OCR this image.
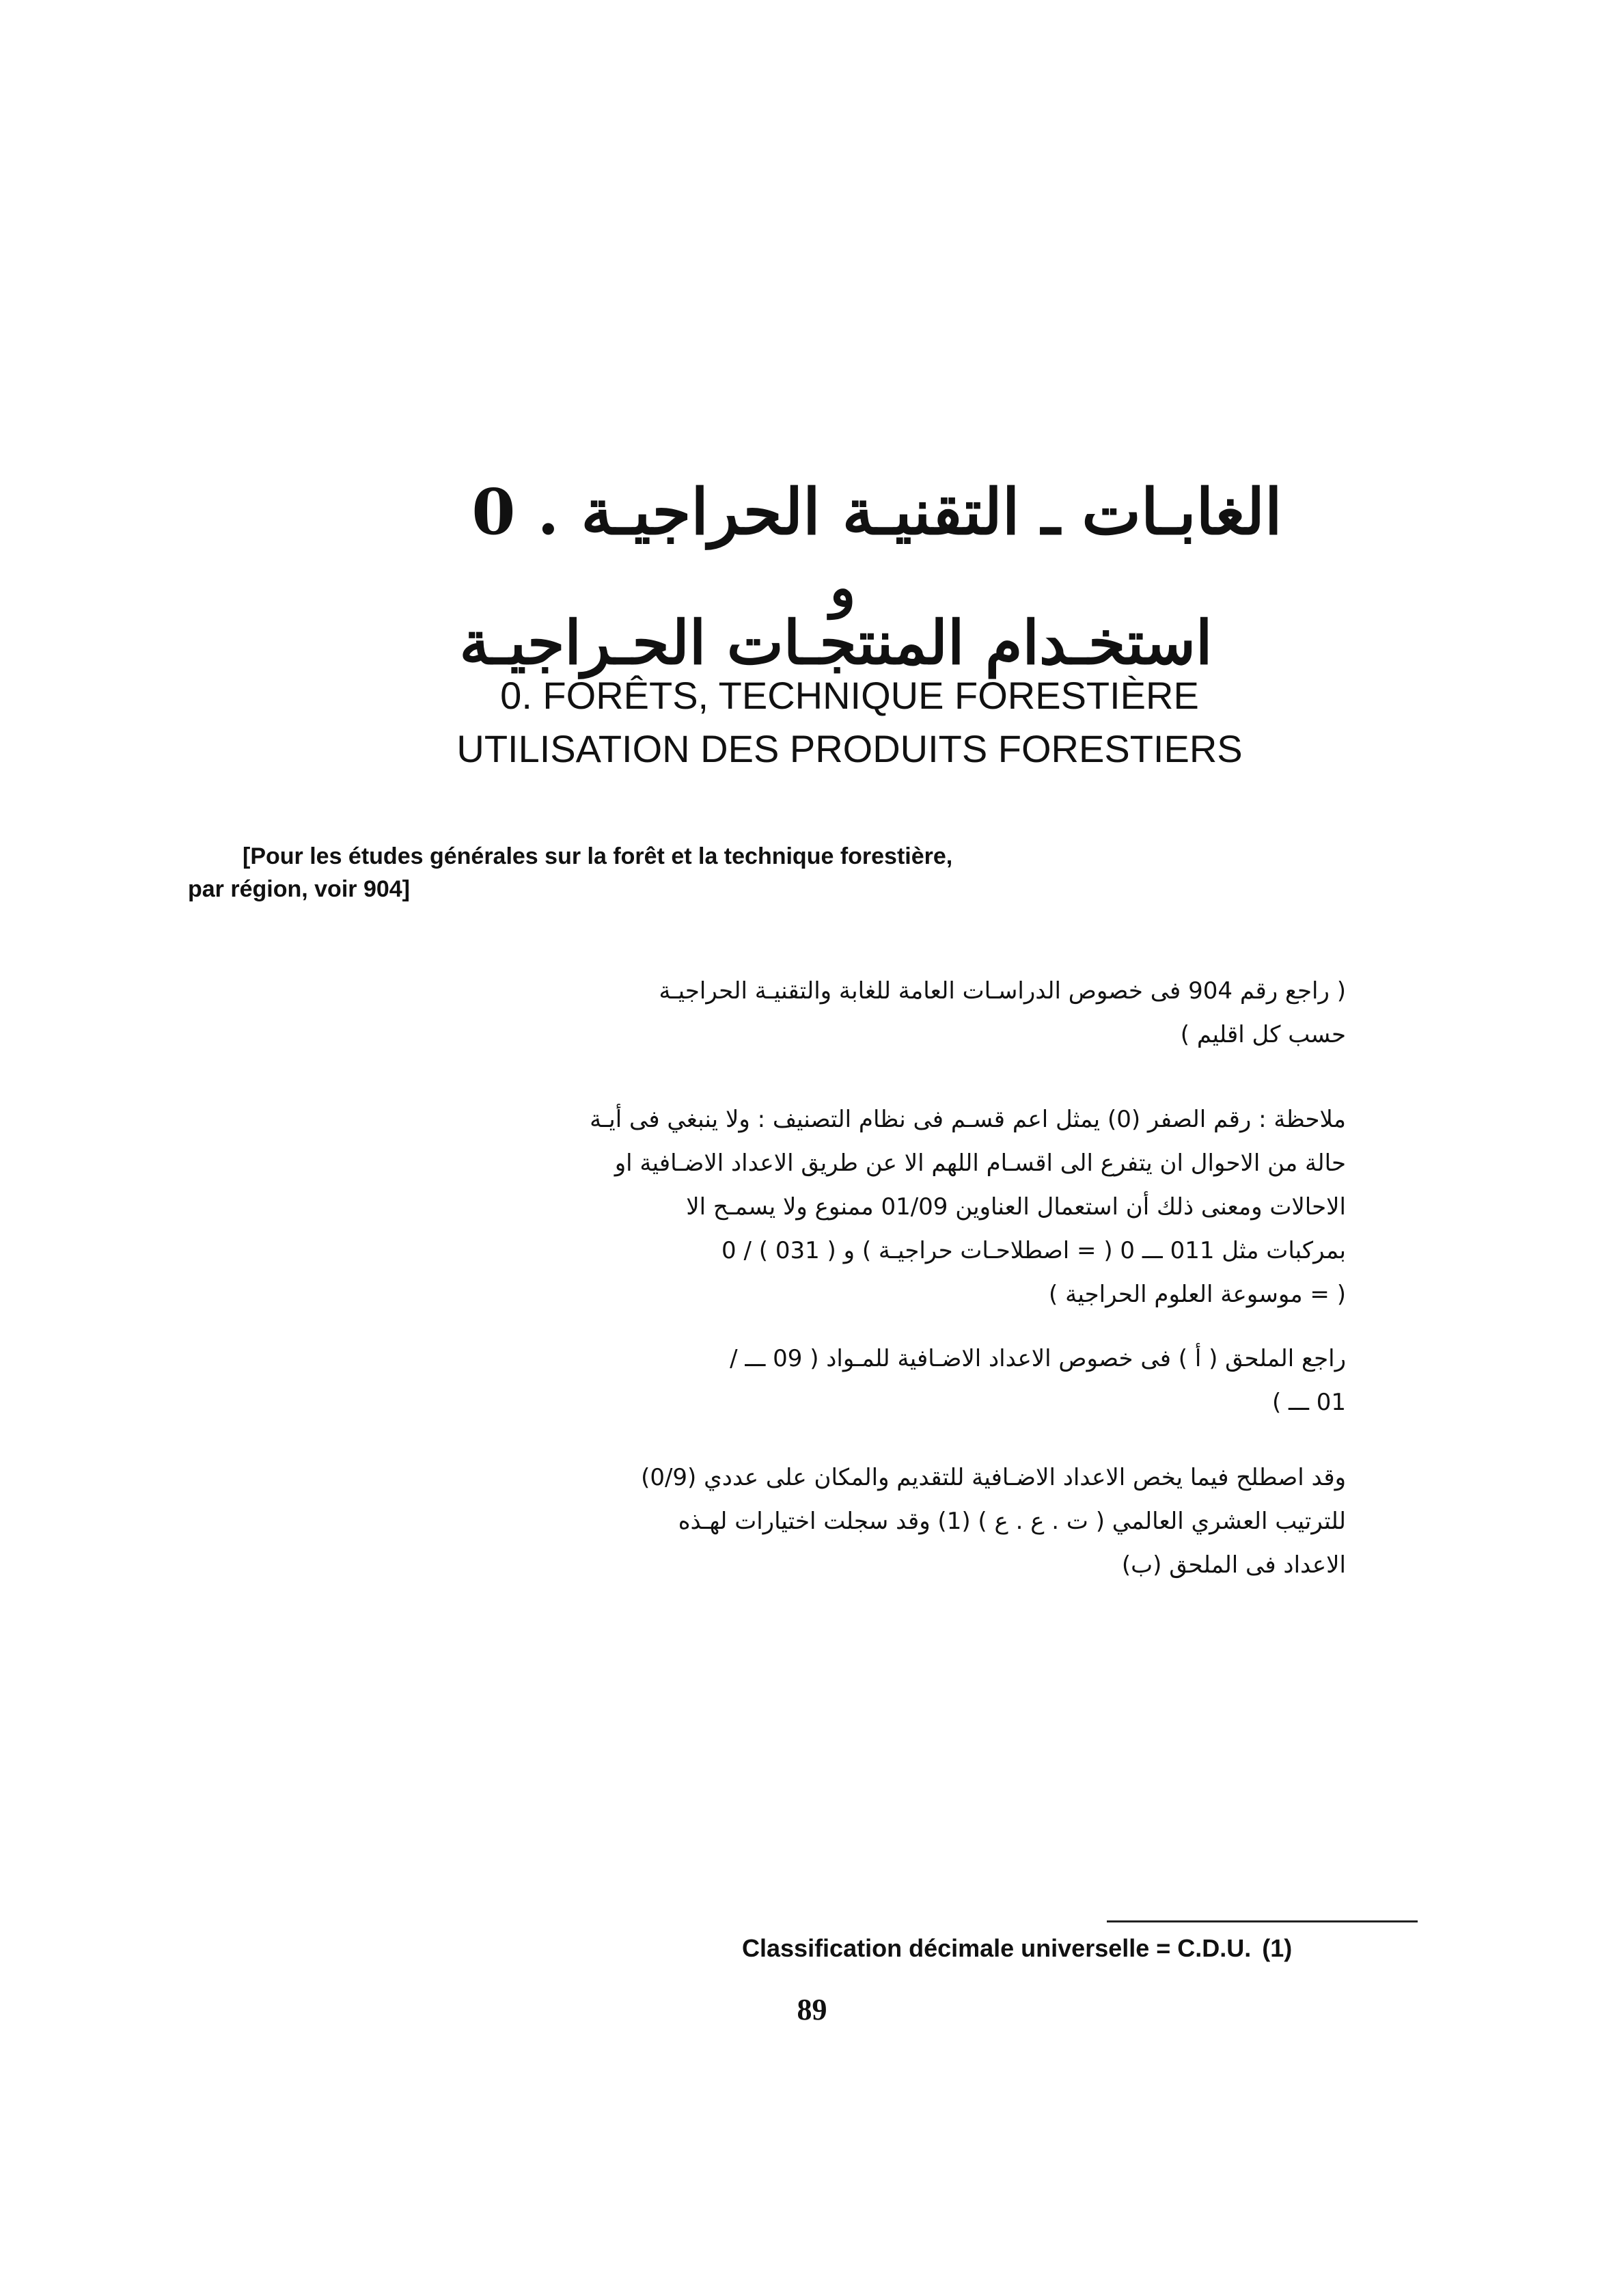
0 . الغابـات ـ التقنيـة الحراجيـة
و
استخـدام المنتجـات الحـراجيـة
0. FORÊTS, TECHNIQUE FORESTIÈRE
UTILISATION DES PRODUITS FORESTIERS
[Pour les études générales sur la forêt et la technique forestière,
par région, voir 904]
( راجع رقم 904 فى خصوص الدراسـات العامة للغابة والتقنيـة الحراجيـة
حسب كل اقليم )
ملاحظة : رقم الصفر (0) يمثل اعم قسـم فى نظام التصنيف : ولا ينبغي فى أيـة
حالة من الاحوال ان يتفرع الى اقسـام اللهم الا عن طريق الاعداد الاضـافية او
الاحالات ومعنى ذلك أن استعمال العناوين 01/09 ممنوع ولا يسمـح الا
بمركبات مثل 011 ـــ 0 ( = اصطلاحـات حراجيـة ) و ( 031 ) / 0
( = موسوعة العلوم الحراجية )
راجع الملحق ( أ ) فى خصوص الاعداد الاضـافية للمـواد ( 09 ـــ /
01 ـــ )
وقد اصطلح فيما يخص الاعداد الاضـافية للتقديم والمكان على عددي (0/9)
للترتيب العشري العالمي ( ت . ع . ع ) (1) وقد سجلت اختيارات لهـذه
الاعداد فى الملحق (ب)
Classification décimale universelle = C.D.U. (1)
89
